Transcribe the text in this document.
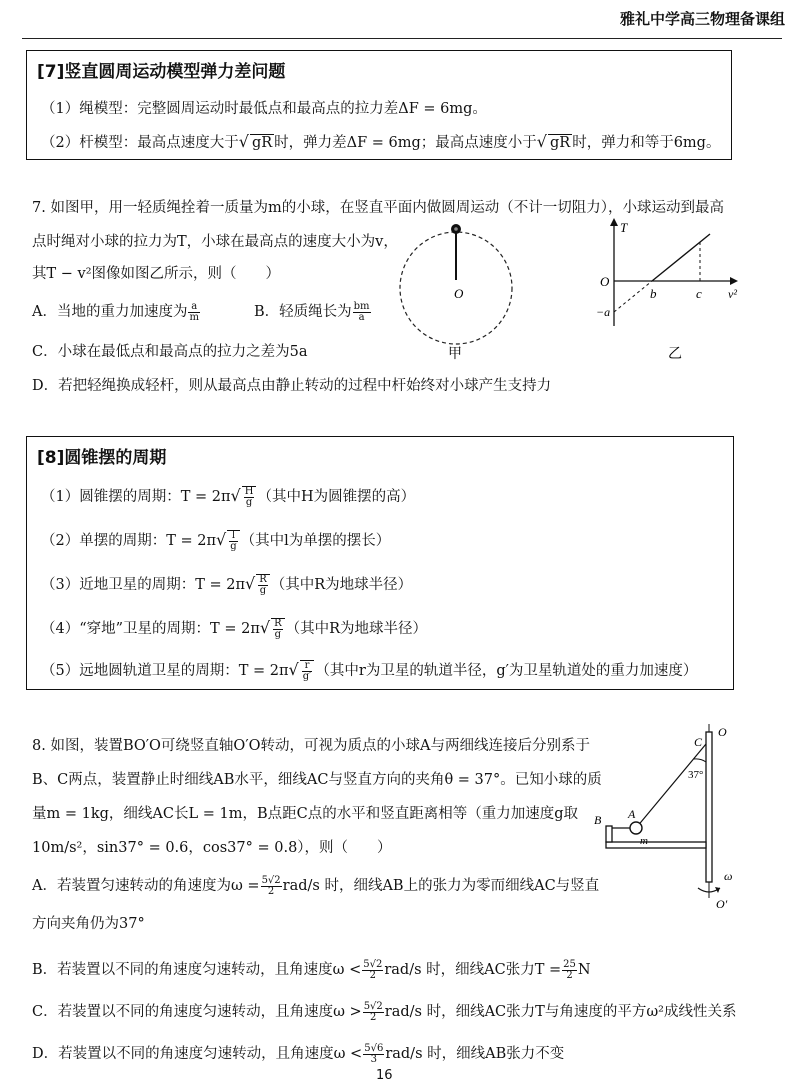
雅礼中学高三物理备课组
[7]竖直圆周运动模型弹力差问题
（1）绳模型：完整圆周运动时最低点和最高点的拉力差ΔF = 6mg。
（2）杆模型：最高点速度大于√ gR 时，弹力差ΔF = 6mg；最高点速度小于√ gR 时，弹力和等于6mg。
7. 如图甲，用一轻质绳拴着一质量为m的小球，在竖直平面内做圆周运动（不计一切阻力），小球运动到最高
点时绳对小球的拉力为T，小球在最高点的速度大小为v，
其T − v²图像如图乙所示，则（　　）
A．当地的重力加速度为 $\frac{a}{m}$	B．轻质绳长为 $\frac{bm}{a}$
C．小球在最低点和最高点的拉力之差为5a
D．若把轻绳换成轻杆，则从最高点由静止转动的过程中杆始终对小球产生支持力
O
甲
T
O
−a
b	c v²
乙
[8]圆锥摆的周期
（1）圆锥摆的周期：$T = 2\pi√ \frac{H}{g}$ （其中H为圆锥摆的高）
（2）单摆的周期：$T = 2\pi√ \frac{l}{g}$ （其中l为单摆的摆长）
（3）近地卫星的周期：$T = 2\pi√ \frac{R}{g}$ （其中R为地球半径）
（4）“穿地”卫星的周期：$T = 2\pi√ \frac{R}{g}$ （其中R为地球半径）
（5）远地圆轨道卫星的周期：$T = 2\pi√ \frac{r}{g'}$ （其中r为卫星的轨道半径，g′为卫星轨道处的重力加速度）
8. 如图，装置BO′O可绕竖直轴O′O转动，可视为质点的小球A与两细线连接后分别系于
B、C两点，装置静止时细线AB水平，细线AC与竖直方向的夹角θ = 37°。已知小球的质
量m = 1kg，细线AC长L = 1m，B点距C点的水平和竖直距离相等（重力加速度g取
10m/s²，sin37° = 0.6，cos37° = 0.8），则（　　）
A．若装置匀速转动的角速度为$\omega = \frac{5√2}{2} rad/s$ 时，细线AB上的张力为零而细线AC与竖直
方向夹角仍为37°
B．若装置以不同的角速度匀速转动，且角速度$\omega < \frac{5√2}{2} rad/s$ 时，细线AC张力$T = \frac{25}{2}$ N
C．若装置以不同的角速度匀速转动，且角速度$\omega > \frac{5√2}{2} rad/s$ 时，细线AC张力T与角速度的平方ω²成线性关系
D．若装置以不同的角速度匀速转动，且角速度$\omega < \frac{5√6}{3} rad/s$ 时，细线AB张力不变
C
O
37°
B A
m
ω
O′
16
